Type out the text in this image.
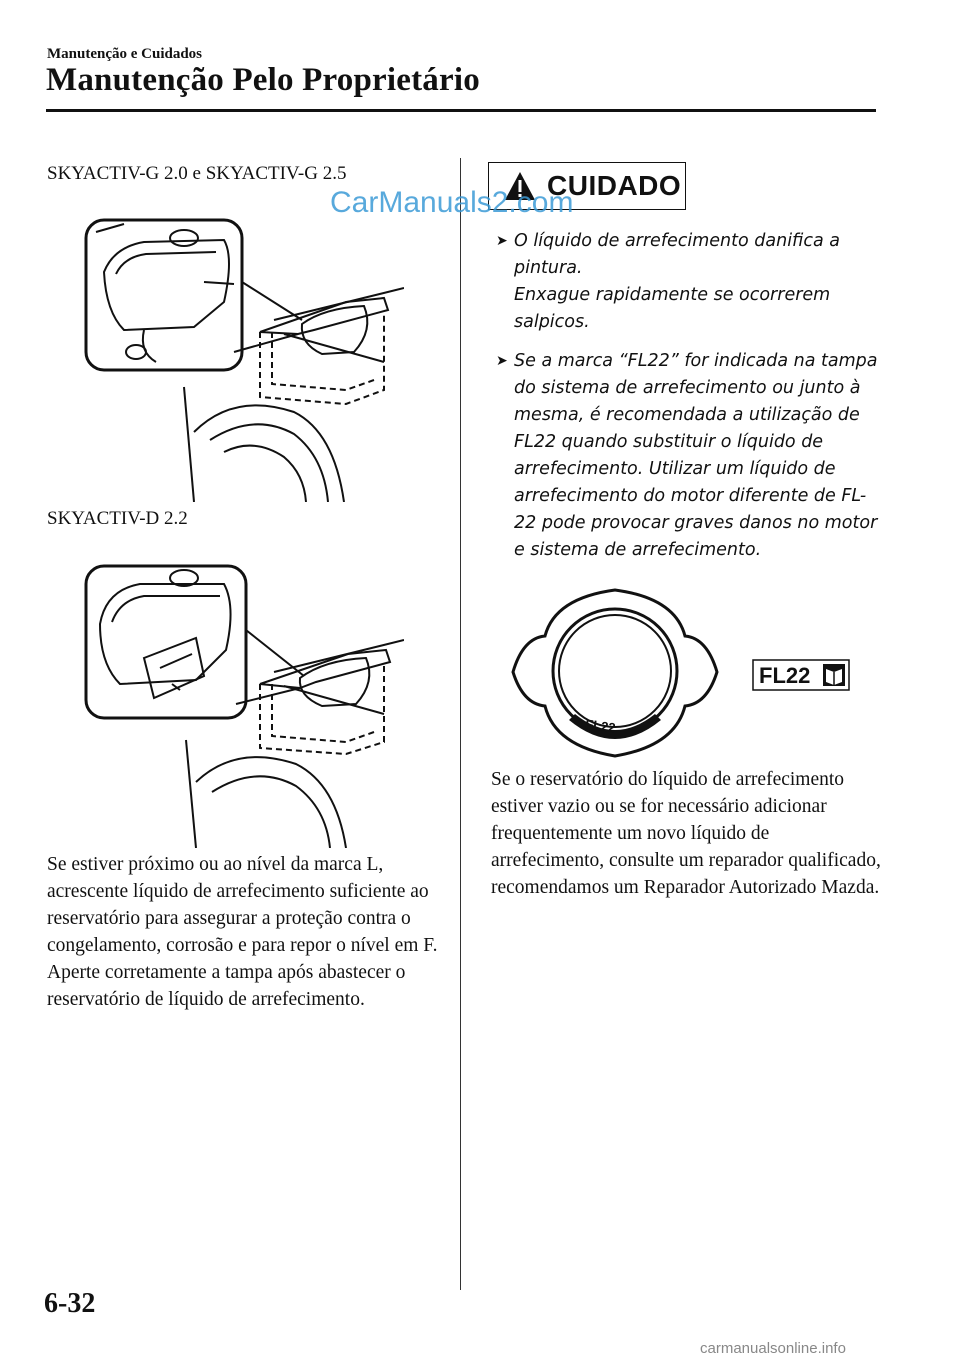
Manutenção e Cuidados
Manutenção Pelo Proprietário
SKYACTIV-G 2.0 e SKYACTIV-G 2.5
SKYACTIV-D 2.2

Se estiver próximo ou ao nível da marca L, acrescente líquido de arrefecimento suficiente ao reservatório para assegurar a proteção contra o congelamento, corrosão e para repor o nível em F.

Aperte corretamente a tampa após abastecer o reservatório de líquido de arrefecimento.

CUIDADO
CarManuals2.com
➤ O líquido de arrefecimento danifica a pintura.
Enxague rapidamente se ocorrerem salpicos.
➤ Se a marca “FL22” for indicada na tampa do sistema de arrefecimento ou junto à mesma, é recomendada a utilização de FL22 quando substituir o líquido de arrefecimento. Utilizar um líquido de arrefecimento do motor diferente de FL-22 pode provocar graves danos no motor e sistema de arrefecimento.
FL22
FL22
Se o reservatório do líquido de arrefecimento estiver vazio ou se for necessário adicionar frequentemente um novo líquido de arrefecimento, consulte um reparador qualificado, recomendamos um Reparador Autorizado Mazda.
6-32
carmanualsonline.info
